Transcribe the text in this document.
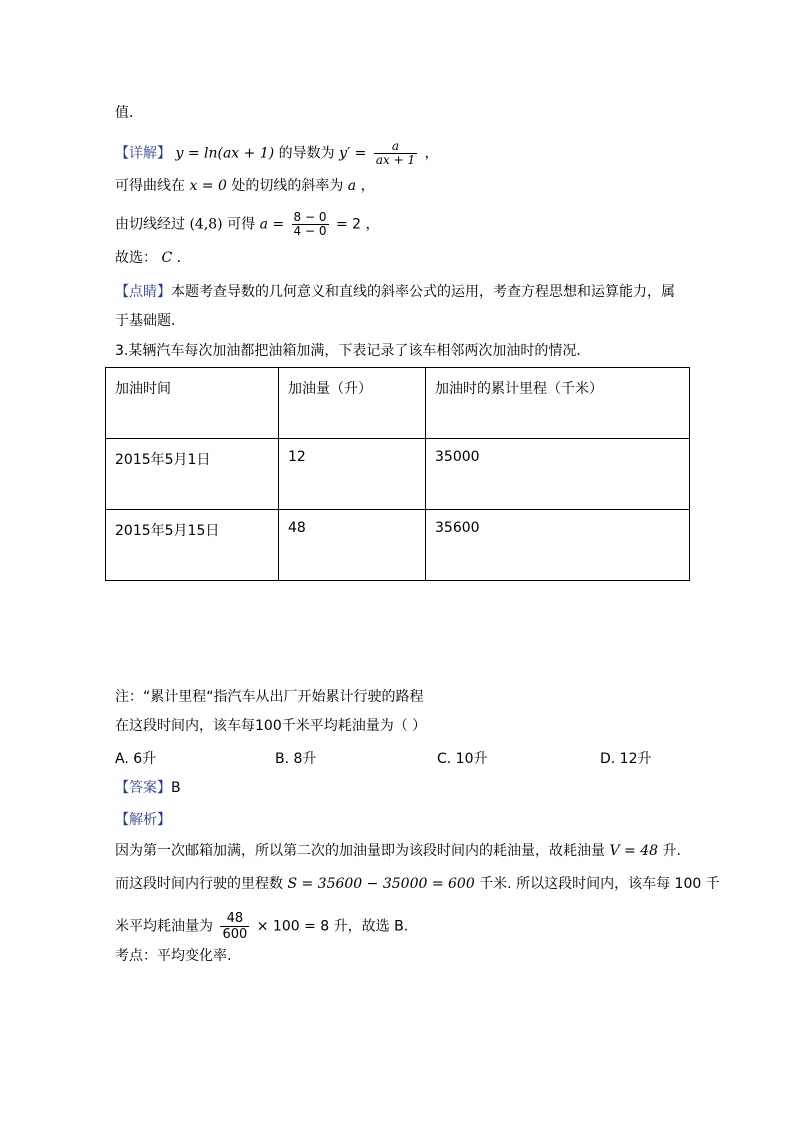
值．
【详解】 y = ln(ax + 1) 的导数为 $y' = \frac{a}{ax + 1}$ ，
可得曲线在 x = 0 处的切线的斜率为 a ，
由切线经过 (4,8) 可得 $a = \frac{8 - 0}{4 - 0} = 2$ ，
故选： C ．
【点睛】本题考查导数的几何意义和直线的斜率公式的运用，考查方程思想和运算能力，属
于基础题．
3.某辆汽车每次加油都把油箱加满，下表记录了该车相邻两次加油时的情况．
加油时间	加油量（升）	加油时的累计里程（千米）
2015年5月1日	12	35000
2015年5月15日	48	35600
注：“累计里程“指汽车从出厂开始累计行驶的路程
在这段时间内，该车每100千米平均耗油量为（ ）
A. 6升	B. 8升	C. 10升	D. 12升
【答案】B
【解析】
因为第一次邮箱加满，所以第二次的加油量即为该段时间内的耗油量，故耗油量 V = 48 升.
而这段时间内行驶的里程数 S = 35600 − 35000 = 600 千米. 所以这段时间内，该车每 100 千
米平均耗油量为 $\frac{48}{600} \times 100 = 8$ 升，故选 B.
考点：平均变化率.
